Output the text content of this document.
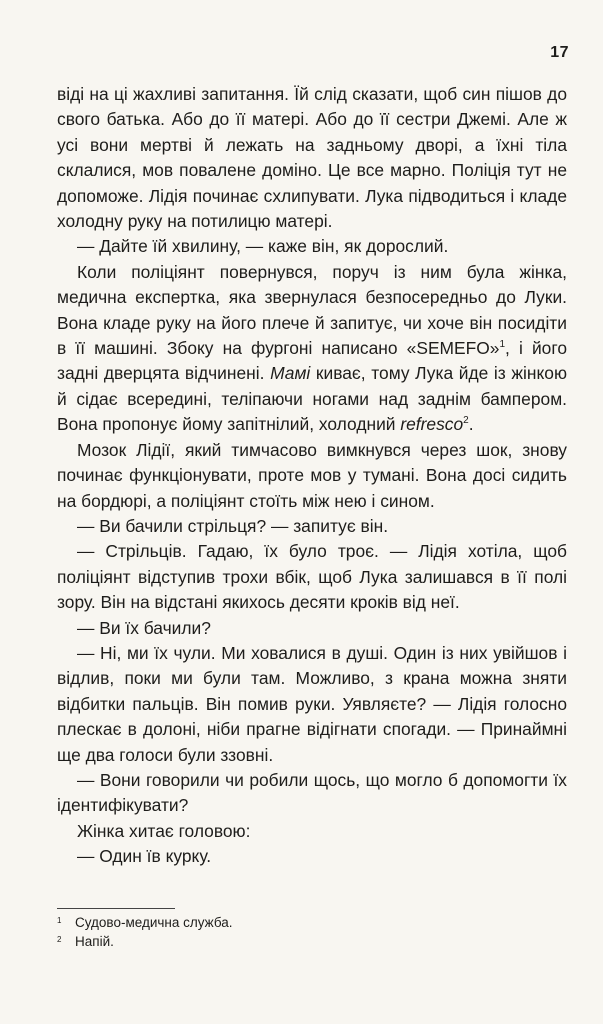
17

віді на ці жахливі запитання. Їй слід сказати, щоб син пішов до свого батька. Або до її матері. Або до її сестри Джемі. Але ж усі вони мертві й лежать на задньому дворі, а їхні тіла склалися, мов повалене доміно. Це все марно. Поліція тут не допоможе. Лідія починає схлипувати. Лука підводиться і кладе холодну руку на потилицю матері.

— Дайте їй хвилину, — каже він, як дорослий.

Коли поліціянт повернувся, поруч із ним була жінка, медична експертка, яка звернулася безпосередньо до Луки. Вона кладе руку на його плече й запитує, чи хоче він посидіти в її машині. Збоку на фургоні написано «SEMEFO»$^1$, і його задні дверцята відчинені. Мамі киває, тому Лука йде із жінкою й сідає всередині, теліпаючи ногами над заднім бампером. Вона пропонує йому запітнілий, холодний refresco$^2$.

Мозок Лідії, який тимчасово вимкнувся через шок, знову починає функціонувати, проте мов у тумані. Вона досі сидить на бордюрі, а поліціянт стоїть між нею і сином.

— Ви бачили стрільця? — запитує він.

— Стрільців. Гадаю, їх було троє. — Лідія хотіла, щоб поліціянт відступив трохи вбік, щоб Лука залишався в її полі зору. Він на відстані якихось десяти кроків від неї.

— Ви їх бачили?

— Ні, ми їх чули. Ми ховалися в душі. Один із них увійшов і відлив, поки ми були там. Можливо, з крана можна зняти відбитки пальців. Він помив руки. Уявляєте? — Лідія голосно плескає в долоні, ніби прагне відігнати спогади. — Принаймні ще два голоси були ззовні.

— Вони говорили чи робили щось, що могло б допомогти їх ідентифікувати?

Жінка хитає головою:

— Один їв курку.

1 Судово-медична служба.
2 Напій.
